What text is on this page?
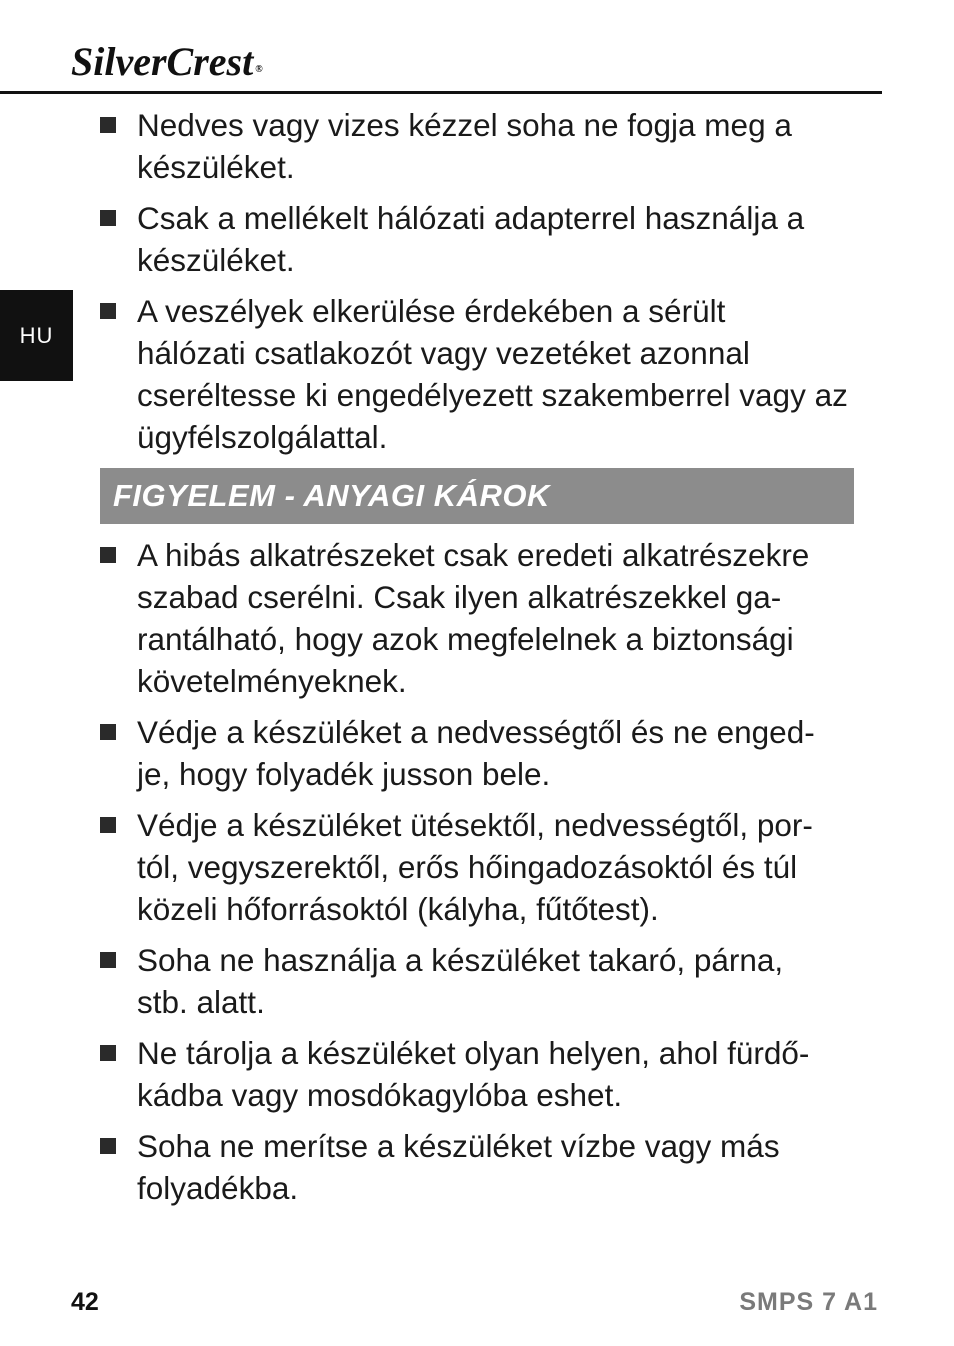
SilverCrest ®
HU
Nedves vagy vizes kézzel soha ne fogja meg a
készüléket.
Csak a mellékelt hálózati adapterrel használja a
készüléket.
A veszélyek elkerülése érdekében a sérült
hálózati csatlakozót vagy vezetéket azonnal
cseréltesse ki engedélyezett szakemberrel vagy az
ügyfélszolgálattal.
FIGYELEM - ANYAGI KÁROK
A hibás alkatrészeket csak eredeti alkatrészekre
szabad cserélni. Csak ilyen alkatrészekkel ga-
rantálható, hogy azok megfelelnek a biztonsági
követelményeknek.
Védje a készüléket a nedvességtől és ne enged-
je, hogy folyadék jusson bele.
Védje a készüléket ütésektől, nedvességtől, por-
tól, vegyszerektől, erős hőingadozásoktól és túl
közeli hőforrásoktól (kályha, fűtőtest).
Soha ne használja a készüléket takaró, párna,
stb. alatt.
Ne tárolja a készüléket olyan helyen, ahol fürdő-
kádba vagy mosdókagylóba eshet.
Soha ne merítse a készüléket vízbe vagy más
folyadékba.
42	SMPS 7 A1
